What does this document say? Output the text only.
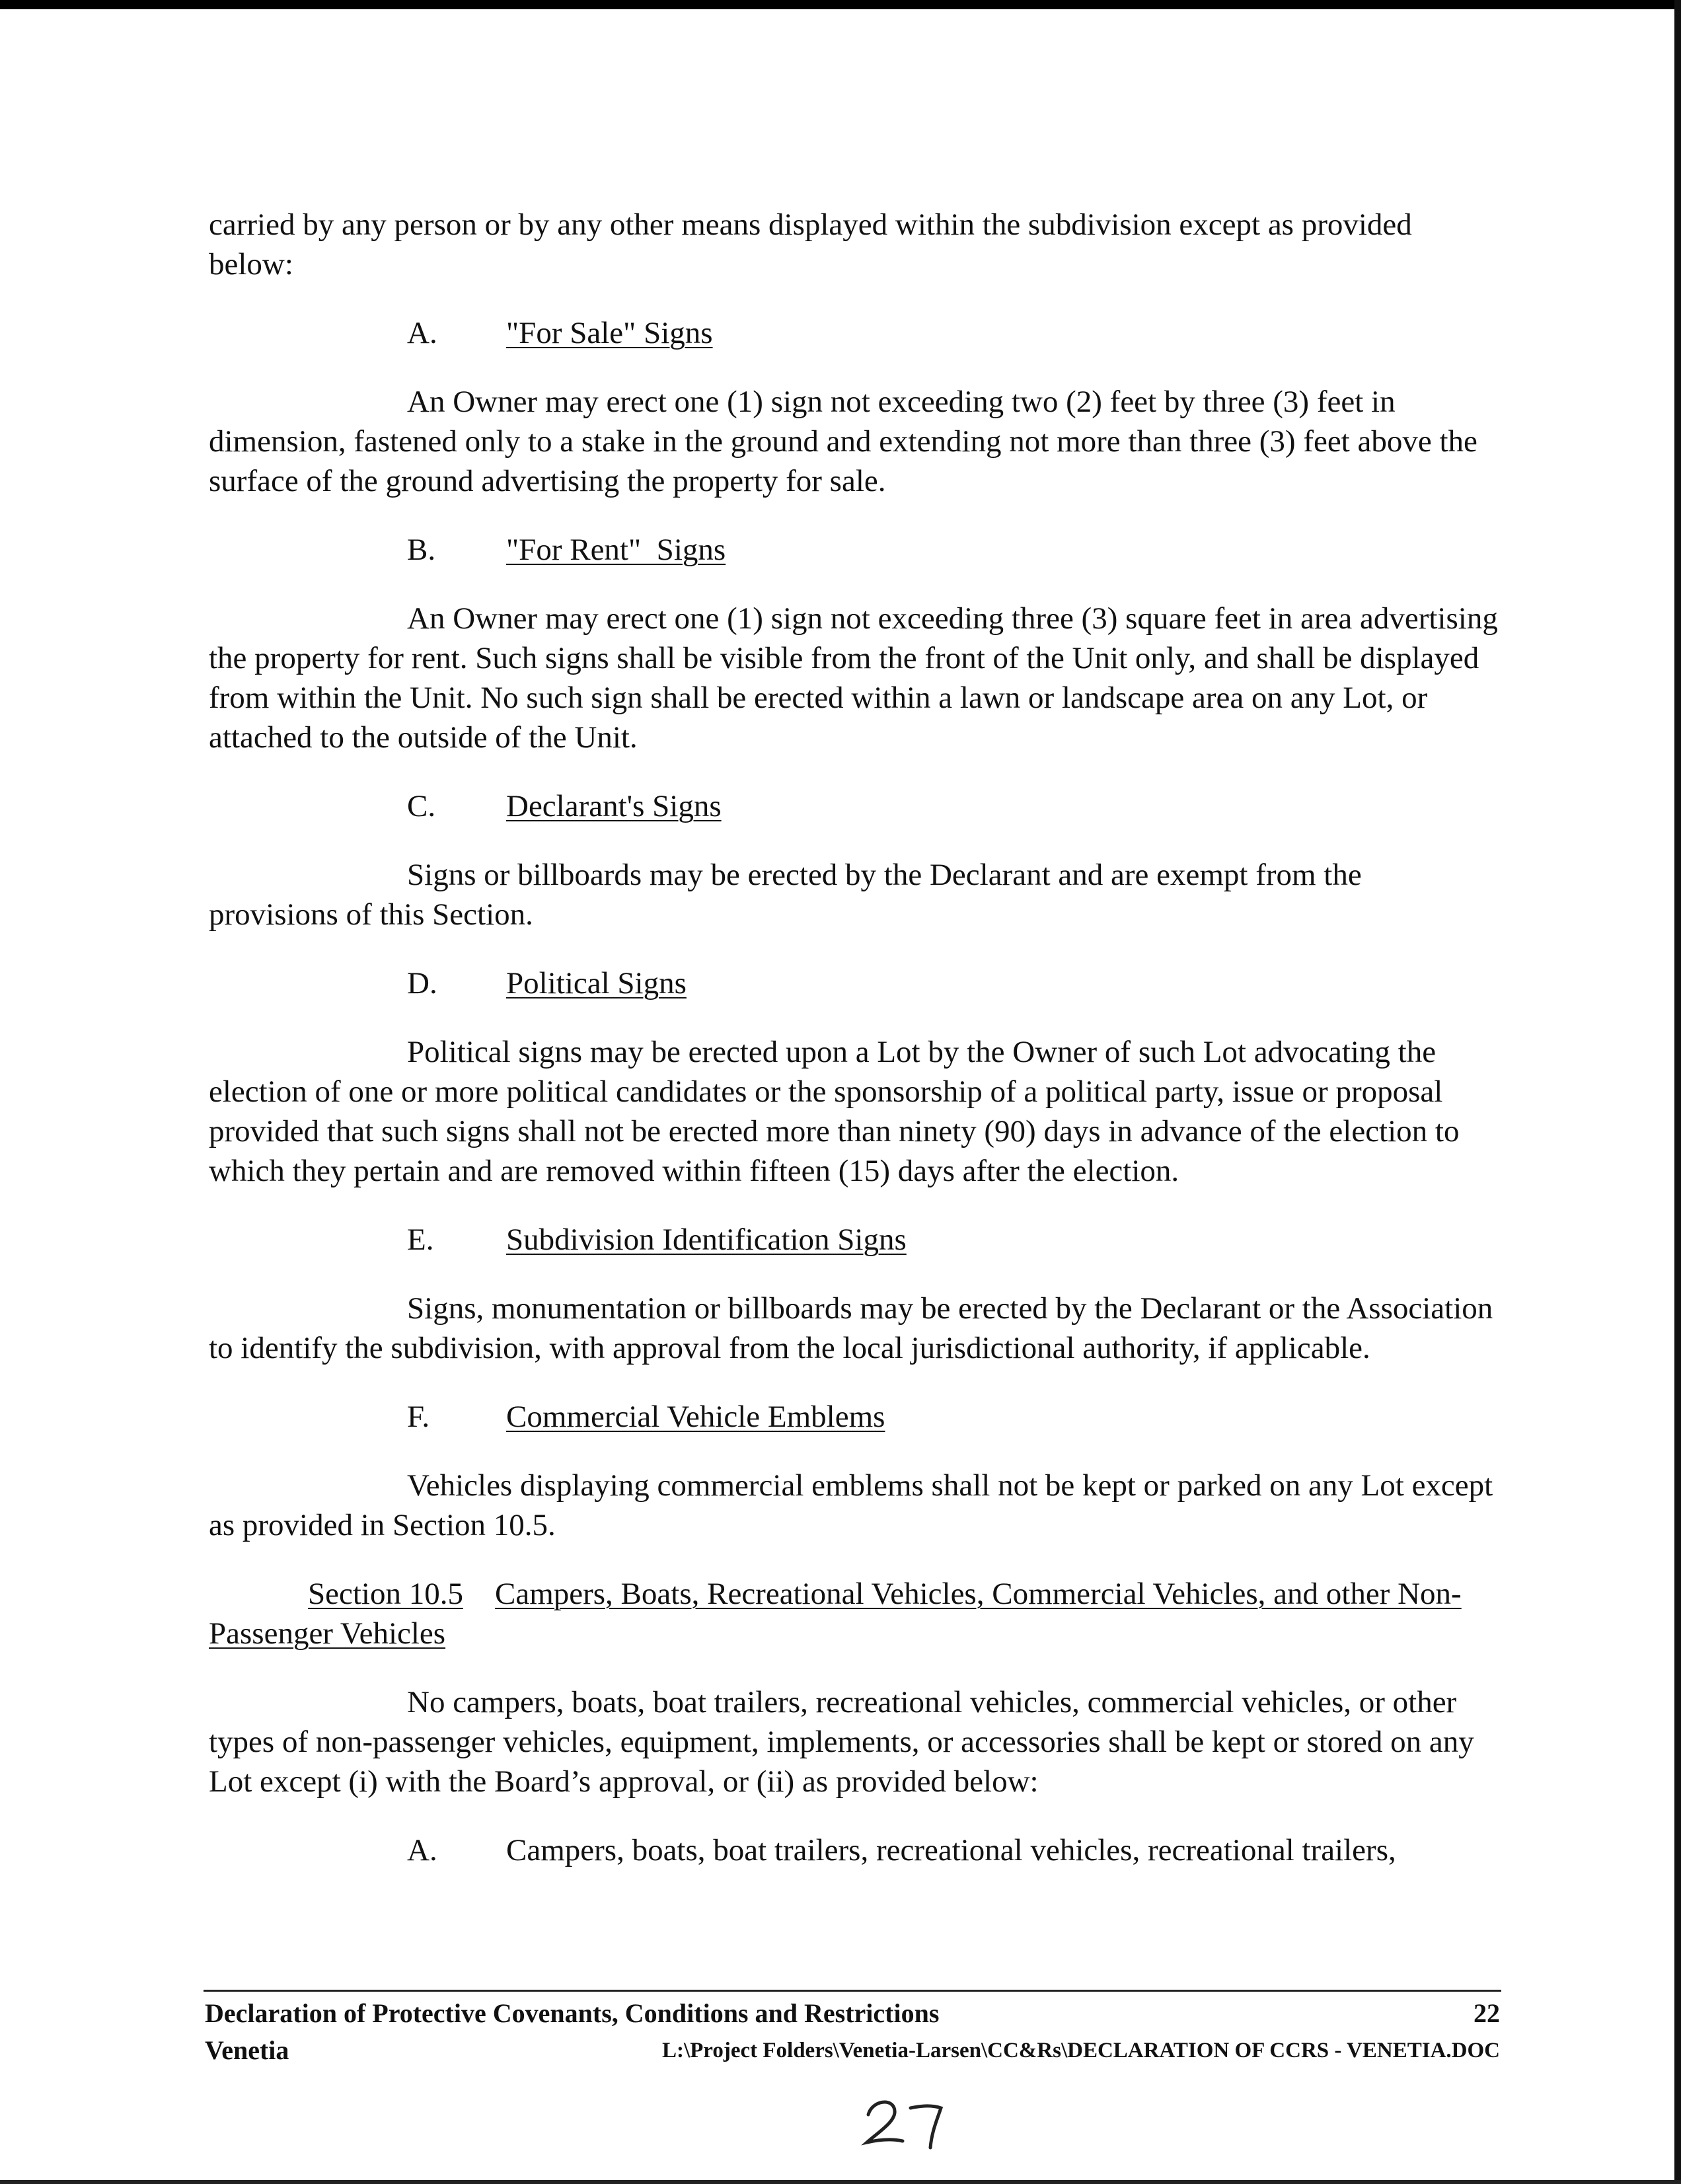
carried by any person or by any other means displayed within the subdivision except as provided below:

A.	"For Sale" Signs

An Owner may erect one (1) sign not exceeding two (2) feet by three (3) feet in dimension, fastened only to a stake in the ground and extending not more than three (3) feet above the surface of the ground advertising the property for sale.

B.	"For Rent"  Signs

An Owner may erect one (1) sign not exceeding three (3) square feet in area advertising the property for rent. Such signs shall be visible from the front of the Unit only, and shall be displayed from within the Unit. No such sign shall be erected within a lawn or landscape area on any Lot, or attached to the outside of the Unit.

C.	Declarant's Signs

Signs or billboards may be erected by the Declarant and are exempt from the provisions of this Section.

D.	Political Signs

Political signs may be erected upon a Lot by the Owner of such Lot advocating the election of one or more political candidates or the sponsorship of a political party, issue or proposal provided that such signs shall not be erected more than ninety (90) days in advance of the election to which they pertain and are removed within fifteen (15) days after the election.

E.	Subdivision Identification Signs

Signs, monumentation or billboards may be erected by the Declarant or the Association to identify the subdivision, with approval from the local jurisdictional authority, if applicable.

F.	Commercial Vehicle Emblems

Vehicles displaying commercial emblems shall not be kept or parked on any Lot except as provided in Section 10.5.

Section 10.5 Campers, Boats, Recreational Vehicles, Commercial Vehicles, and other Non-Passenger Vehicles

No campers, boats, boat trailers, recreational vehicles, commercial vehicles, or other types of non-passenger vehicles, equipment, implements, or accessories shall be kept or stored on any Lot except (i) with the Board’s approval, or (ii) as provided below:

A.	Campers, boats, boat trailers, recreational vehicles, recreational trailers,
Declaration of Protective Covenants, Conditions and Restrictions	22
Venetia	L:\Project Folders\Venetia-Larsen\CC&Rs\DECLARATION OF CCRS - VENETIA.DOC
